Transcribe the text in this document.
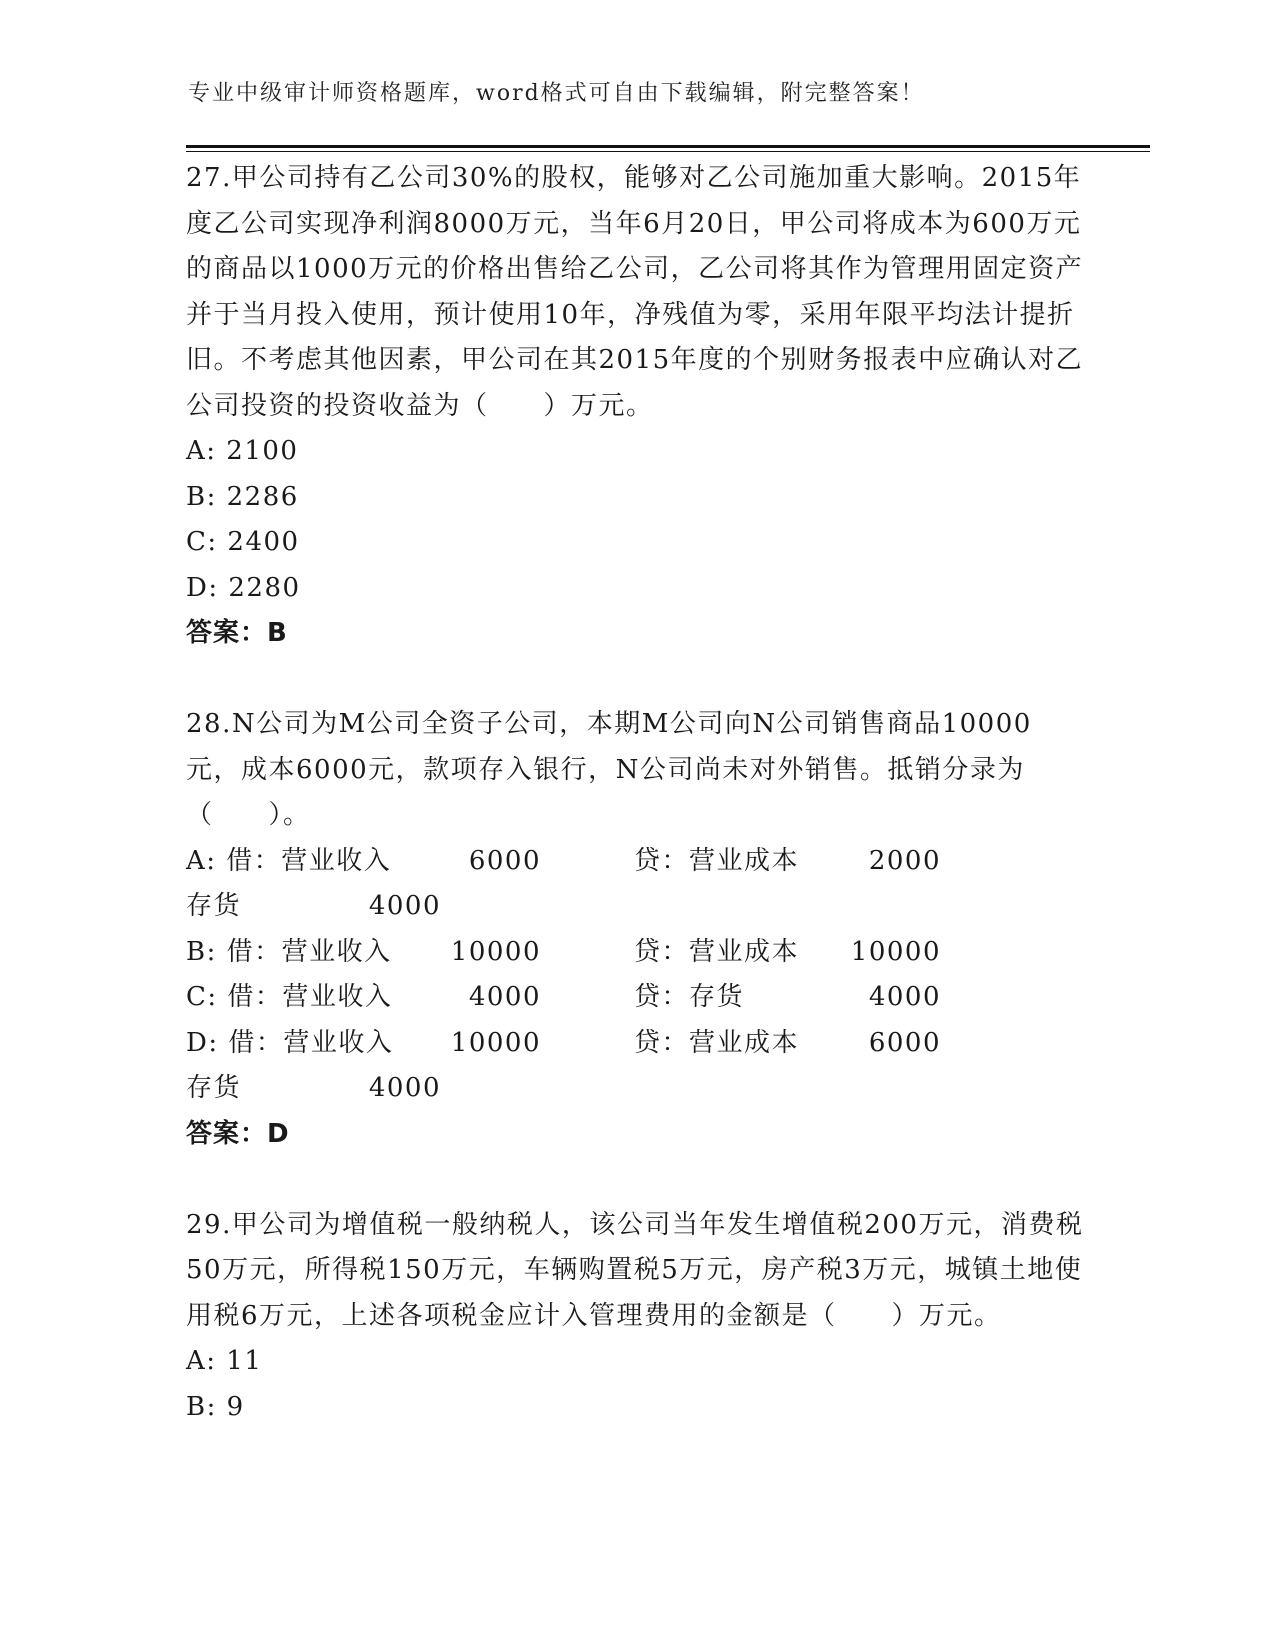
专业中级审计师资格题库，word格式可自由下载编辑，附完整答案！

27.甲公司持有乙公司30%的股权，能够对乙公司施加重大影响。2015年度乙公司实现净利润8000万元，当年6月20日，甲公司将成本为600万元的商品以1000万元的价格出售给乙公司，乙公司将其作为管理用固定资产并于当月投入使用，预计使用10年，净残值为零，采用年限平均法计提折旧。不考虑其他因素，甲公司在其2015年度的个别财务报表中应确认对乙公司投资的投资收益为（　　）万元。

A: 2100

B: 2286

C: 2400

D: 2280

答案：B

28.N公司为M公司全资子公司，本期M公司向N公司销售商品10000元，成本6000元，款项存入银行，N公司尚未对外销售。抵销分录为（　　）。

A: 借：营业收入	6000	贷：营业成本	2000
存货	4000
B: 借：营业收入 10000	贷：营业成本 10000
C: 借：营业收入	4000	贷：存货	4000
D: 借：营业收入 10000	贷：营业成本	6000
存货	4000

答案：D

29.甲公司为增值税一般纳税人，该公司当年发生增值税200万元，消费税50万元，所得税150万元，车辆购置税5万元，房产税3万元，城镇土地使用税6万元，上述各项税金应计入管理费用的金额是（　　）万元。

A: 11

B: 9
